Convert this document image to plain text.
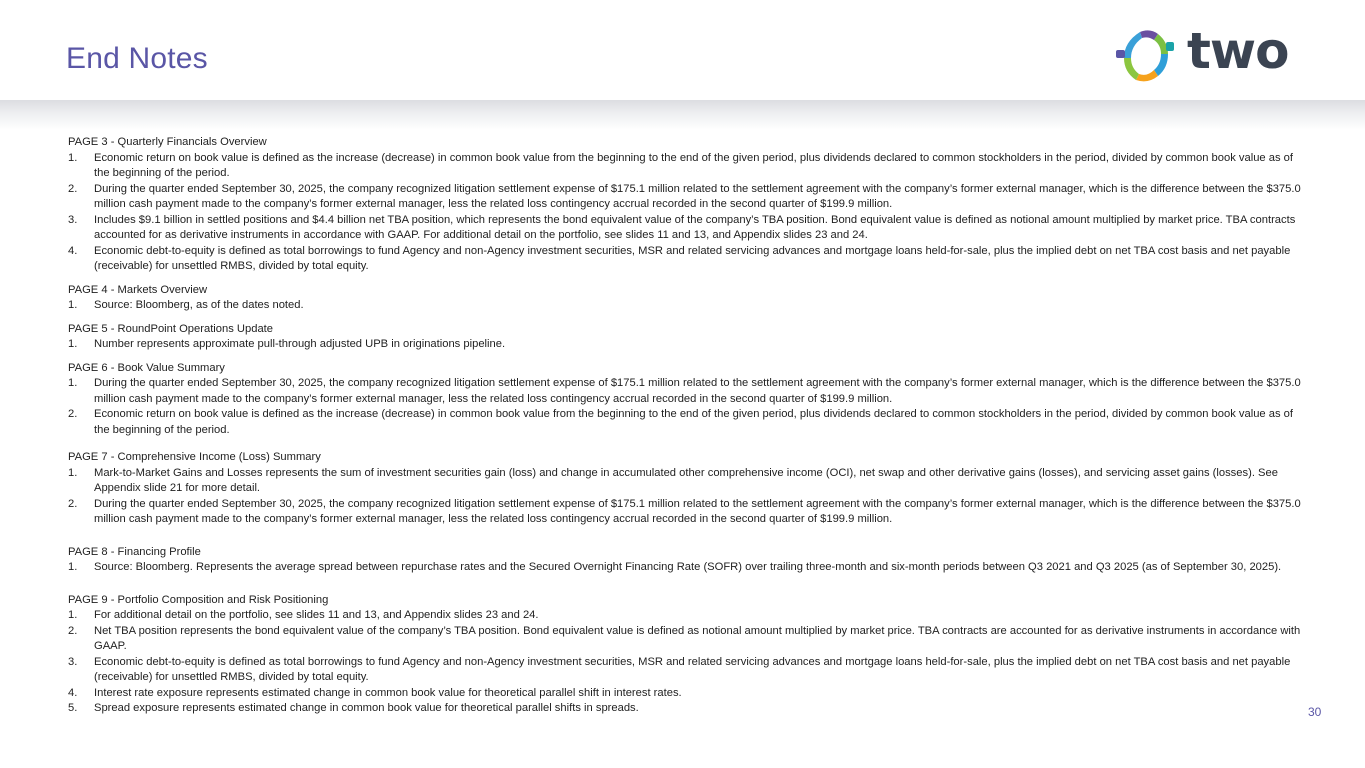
End Notes	two
PAGE 3 - Quarterly Financials Overview
1. Economic return on book value is defined as the increase (decrease) in common book value from the beginning to the end of the given period, plus dividends declared to common stockholders in the period, divided by common book value as of the beginning of the period.
2. During the quarter ended September 30, 2025, the company recognized litigation settlement expense of $175.1 million related to the settlement agreement with the company’s former external manager, which is the difference between the $375.0 million cash payment made to the company’s former external manager, less the related loss contingency accrual recorded in the second quarter of $199.9 million.
3. Includes $9.1 billion in settled positions and $4.4 billion net TBA position, which represents the bond equivalent value of the company’s TBA position. Bond equivalent value is defined as notional amount multiplied by market price. TBA contracts accounted for as derivative instruments in accordance with GAAP. For additional detail on the portfolio, see slides 11 and 13, and Appendix slides 23 and 24.
4. Economic debt-to-equity is defined as total borrowings to fund Agency and non-Agency investment securities, MSR and related servicing advances and mortgage loans held-for-sale, plus the implied debt on net TBA cost basis and net payable (receivable) for unsettled RMBS, divided by total equity.
PAGE 4 - Markets Overview
1. Source: Bloomberg, as of the dates noted.
PAGE 5 - RoundPoint Operations Update
1. Number represents approximate pull-through adjusted UPB in originations pipeline.
PAGE 6 - Book Value Summary
1. During the quarter ended September 30, 2025, the company recognized litigation settlement expense of $175.1 million related to the settlement agreement with the company’s former external manager, which is the difference between the $375.0 million cash payment made to the company’s former external manager, less the related loss contingency accrual recorded in the second quarter of $199.9 million.
2. Economic return on book value is defined as the increase (decrease) in common book value from the beginning to the end of the given period, plus dividends declared to common stockholders in the period, divided by common book value as of the beginning of the period.
PAGE 7 - Comprehensive Income (Loss) Summary
1. Mark-to-Market Gains and Losses represents the sum of investment securities gain (loss) and change in accumulated other comprehensive income (OCI), net swap and other derivative gains (losses), and servicing asset gains (losses). See Appendix slide 21 for more detail.
2. During the quarter ended September 30, 2025, the company recognized litigation settlement expense of $175.1 million related to the settlement agreement with the company’s former external manager, which is the difference between the $375.0 million cash payment made to the company’s former external manager, less the related loss contingency accrual recorded in the second quarter of $199.9 million.
PAGE 8 - Financing Profile
1. Source: Bloomberg. Represents the average spread between repurchase rates and the Secured Overnight Financing Rate (SOFR) over trailing three-month and six-month periods between Q3 2021 and Q3 2025 (as of September 30, 2025).
PAGE 9 - Portfolio Composition and Risk Positioning
1. For additional detail on the portfolio, see slides 11 and 13, and Appendix slides 23 and 24.
2. Net TBA position represents the bond equivalent value of the company’s TBA position. Bond equivalent value is defined as notional amount multiplied by market price. TBA contracts are accounted for as derivative instruments in accordance with GAAP.
3. Economic debt-to-equity is defined as total borrowings to fund Agency and non-Agency investment securities, MSR and related servicing advances and mortgage loans held-for-sale, plus the implied debt on net TBA cost basis and net payable (receivable) for unsettled RMBS, divided by total equity.
4. Interest rate exposure represents estimated change in common book value for theoretical parallel shift in interest rates.
5. Spread exposure represents estimated change in common book value for theoretical parallel shifts in spreads.	30
